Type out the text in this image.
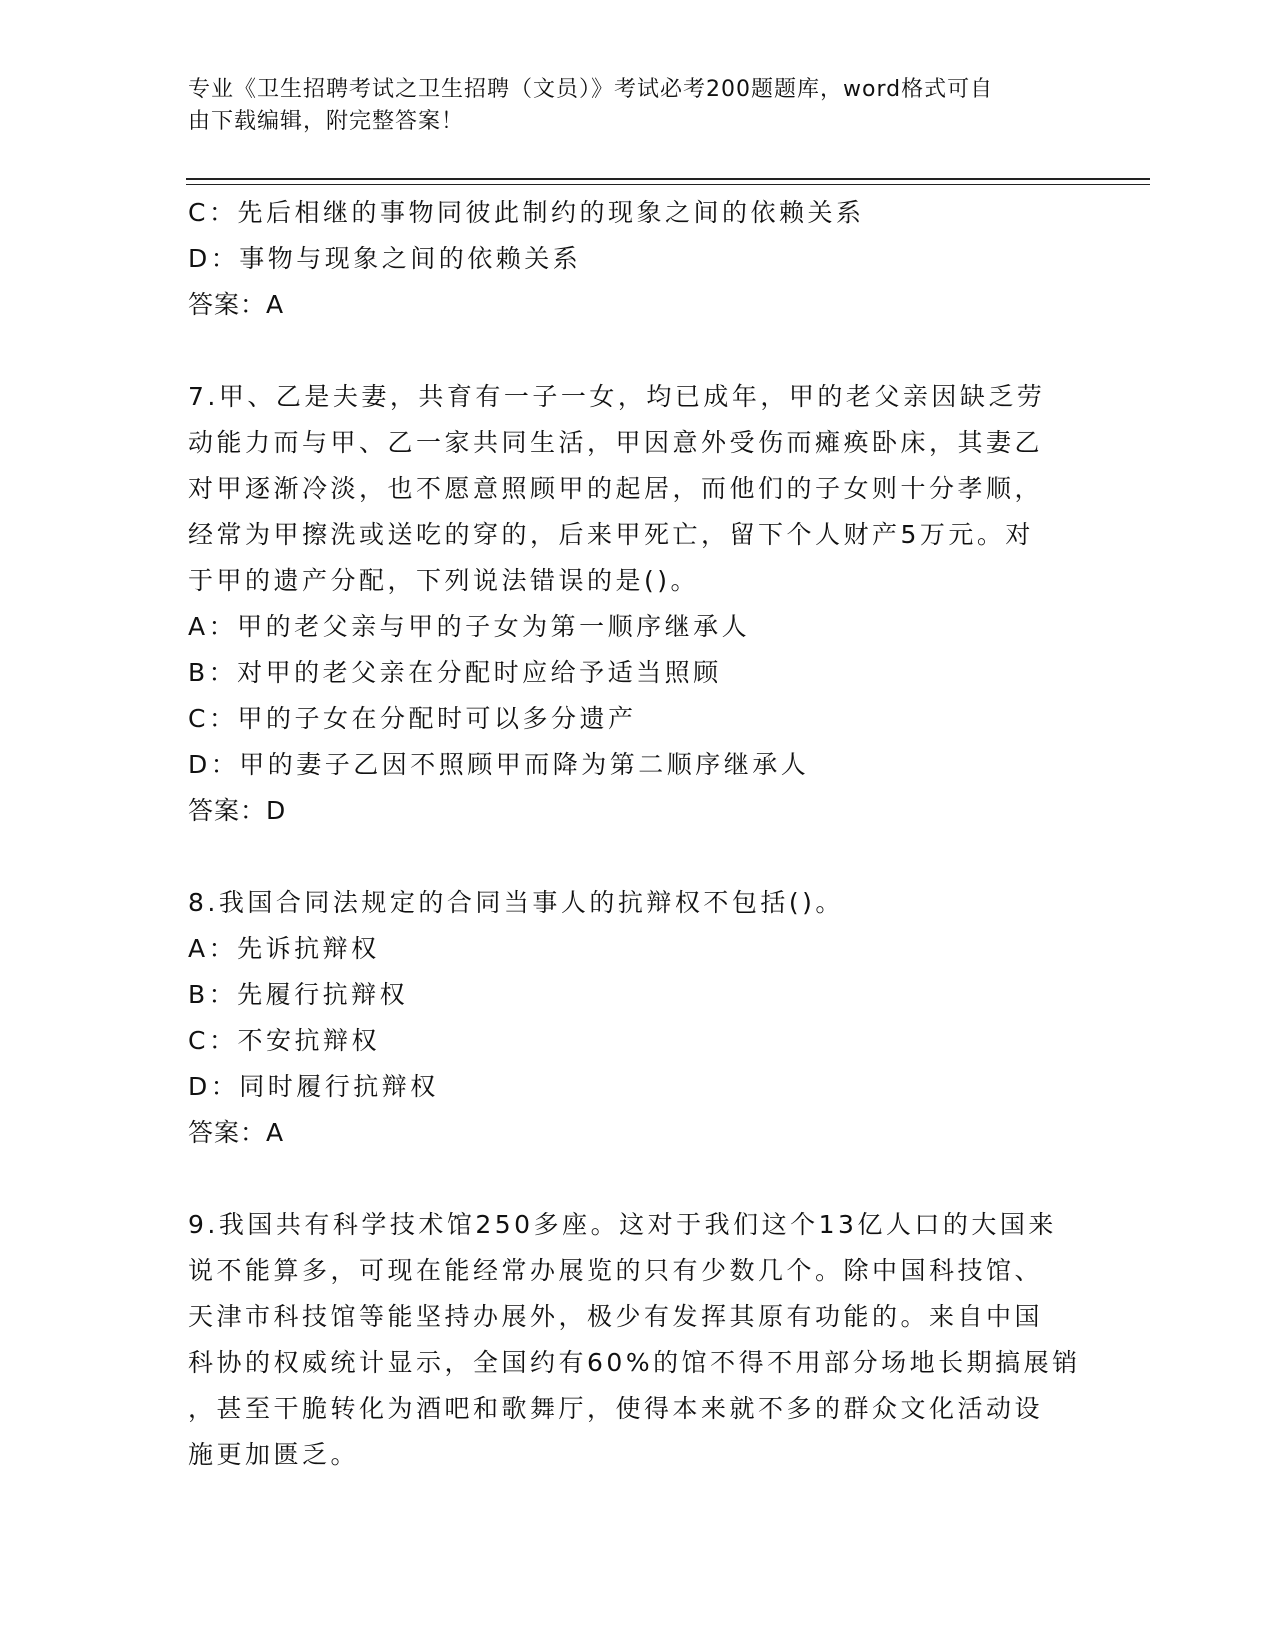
专业《卫生招聘考试之卫生招聘（文员）》考试必考200题题库，word格式可自
由下载编辑，附完整答案！
C：先后相继的事物同彼此制约的现象之间的依赖关系
D：事物与现象之间的依赖关系
答案：A
7.甲、乙是夫妻，共育有一子一女，均已成年，甲的老父亲因缺乏劳
动能力而与甲、乙一家共同生活，甲因意外受伤而瘫痪卧床，其妻乙
对甲逐渐冷淡，也不愿意照顾甲的起居，而他们的子女则十分孝顺，
经常为甲擦洗或送吃的穿的，后来甲死亡，留下个人财产5万元。对
于甲的遗产分配，下列说法错误的是()。
A：甲的老父亲与甲的子女为第一顺序继承人
B：对甲的老父亲在分配时应给予适当照顾
C：甲的子女在分配时可以多分遗产
D：甲的妻子乙因不照顾甲而降为第二顺序继承人
答案：D
8.我国合同法规定的合同当事人的抗辩权不包括()。
A：先诉抗辩权
B：先履行抗辩权
C：不安抗辩权
D：同时履行抗辩权
答案：A
9.我国共有科学技术馆250多座。这对于我们这个13亿人口的大国来
说不能算多，可现在能经常办展览的只有少数几个。除中国科技馆、
天津市科技馆等能坚持办展外，极少有发挥其原有功能的。来自中国
科协的权威统计显示，全国约有60%的馆不得不用部分场地长期搞展销
，甚至干脆转化为酒吧和歌舞厅，使得本来就不多的群众文化活动设
施更加匮乏。
